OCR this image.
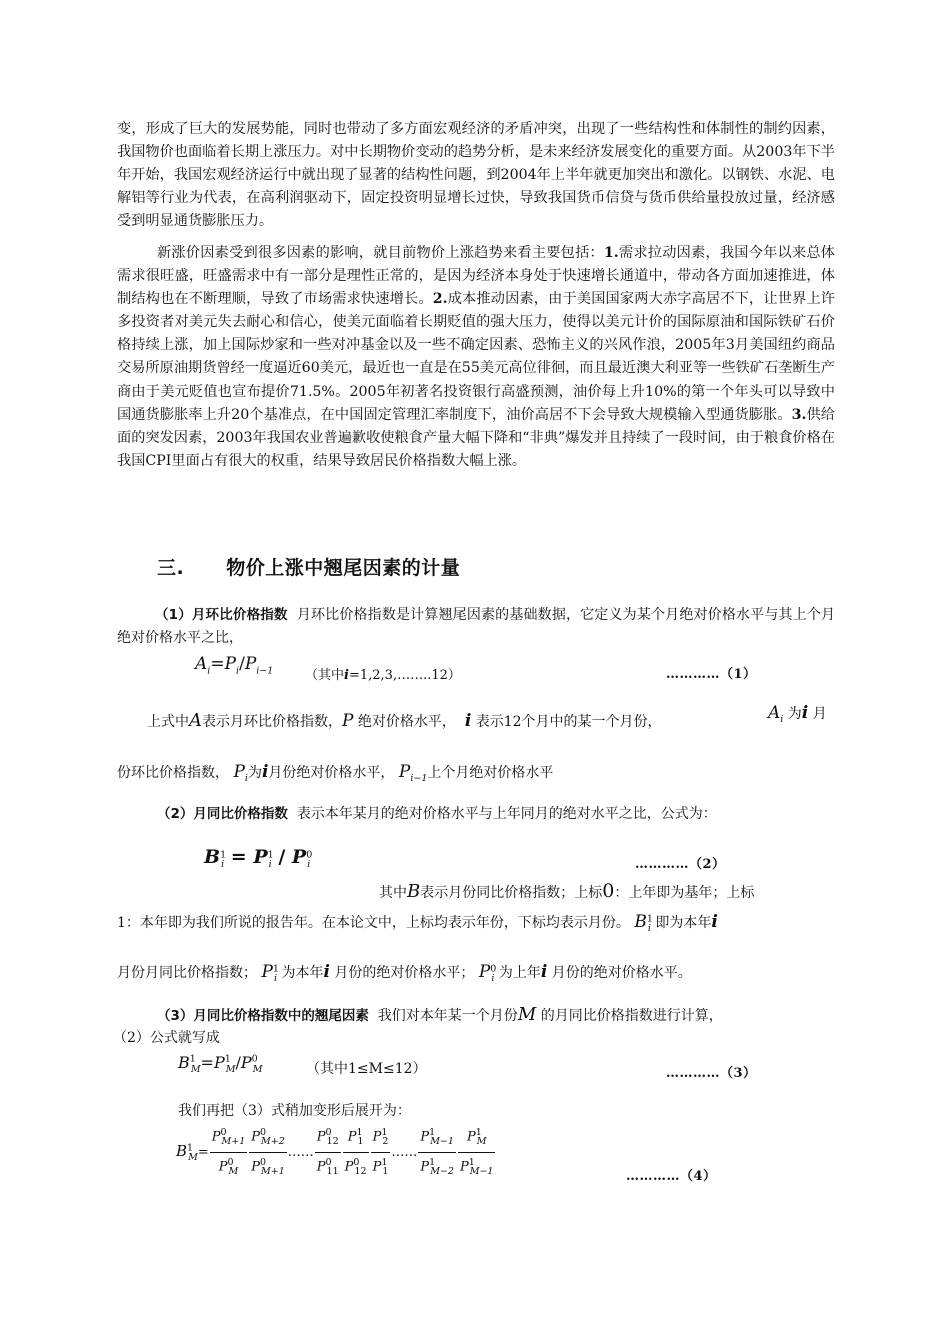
变，形成了巨大的发展势能，同时也带动了多方面宏观经济的矛盾冲突，出现了一些结构性和体制性的制约因素，我国物价也面临着长期上涨压力。对中长期物价变动的趋势分析，是未来经济发展变化的重要方面。从2003年下半年开始，我国宏观经济运行中就出现了显著的结构性问题，到2004年上半年就更加突出和激化。以钢铁、水泥、电解铝等行业为代表，在高利润驱动下，固定投资明显增长过快，导致我国货币信贷与货币供给量投放过量，经济感受到明显通货膨胀压力。
新涨价因素受到很多因素的影响，就目前物价上涨趋势来看主要包括：1.需求拉动因素，我国今年以来总体需求很旺盛，旺盛需求中有一部分是理性正常的，是因为经济本身处于快速增长通道中，带动各方面加速推进，体制结构也在不断理顺，导致了市场需求快速增长。2.成本推动因素，由于美国国家两大赤字高居不下，让世界上许多投资者对美元失去耐心和信心，使美元面临着长期贬值的强大压力，使得以美元计价的国际原油和国际铁矿石价格持续上涨，加上国际炒家和一些对冲基金以及一些不确定因素、恐怖主义的兴风作浪，2005年3月美国纽约商品交易所原油期货曾经一度逼近60美元，最近也一直是在55美元高位徘徊，而且最近澳大利亚等一些铁矿石垄断生产商由于美元贬值也宣布提价71.5%。2005年初著名投资银行高盛预测，油价每上升10%的第一个年头可以导致中国通货膨胀率上升20个基准点，在中国固定管理汇率制度下，油价高居不下会导致大规模输入型通货膨胀。3.供给面的突发因素，2003年我国农业普遍歉收使粮食产量大幅下降和“非典”爆发并且持续了一段时间，由于粮食价格在我国CPI里面占有很大的权重，结果导致居民价格指数大幅上涨。
三. 物价上涨中翘尾因素的计量
（1）月环比价格指数 月环比价格指数是计算翘尾因素的基础数据，它定义为某个月绝对价格水平与其上个月绝对价格水平之比，
$A_i=P_i/P_{i-1}$ （其中i=1,2,3,……..12）	…………（1）
上式中A表示月环比价格指数，P 绝对价格水平， i 表示12个月中的某一个月份，	$A_i$ 为i 月
份环比价格指数， $P_i$为i月份绝对价格水平， $P_{i-1}$上个月绝对价格水平
（2）月同比价格指数 表示本年某月的绝对价格水平与上年同月的绝对水平之比，公式为：
$B^1_i = P^1_i / P^0_i$	…………（2）
其中B表示月份同比价格指数；上标0：上年即为基年；上标
1：本年即为我们所说的报告年。在本论文中，上标均表示年份，下标均表示月份。 $B^1_i$ 即为本年i
月份月同比价格指数； $P^1_i$ 为本年i 月份的绝对价格水平； $P^0_i$ 为上年i 月份的绝对价格水平。
（3）月同比价格指数中的翘尾因素 我们对本年某一个月份M 的月同比价格指数进行计算，
（2）公式就写成
$B^1_M=P^1_M/P^0_M$	（其中1≤M≤12）	…………（3）
我们再把（3）式稍加变形后展开为：
$B^1_M= \frac{P^0_{M+1}}{P^0_M} \frac{P^0_{M+2}}{P^0_{M+1}}$ …… $\frac{P^0_{12}}{P^0_{11}} \frac{P^1_1}{P^0_{12}} \frac{P^1_2}{P^1_1}$ …… $\frac{P^1_{M-1}}{P^1_{M-2}} \frac{P^1_M}{P^1_{M-1}}$	…………（4）
